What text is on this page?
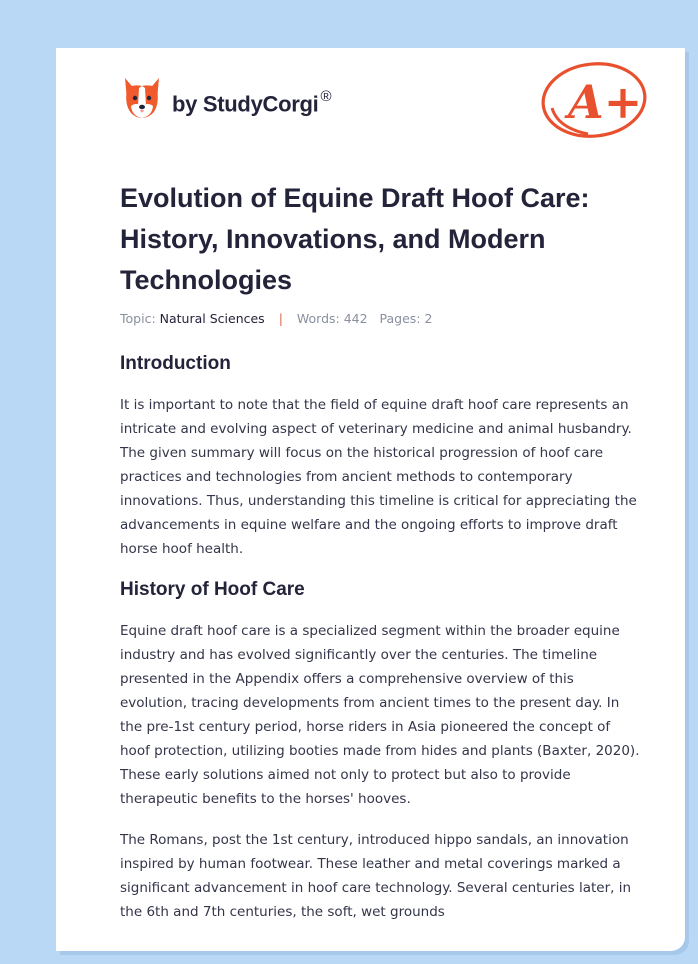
by StudyCorgi ®	A+
Evolution of Equine Draft Hoof Care: History, Innovations, and Modern Technologies
Topic: Natural Sciences | Words: 442 Pages: 2
Introduction

It is important to note that the field of equine draft hoof care represents an intricate and evolving aspect of veterinary medicine and animal husbandry. The given summary will focus on the historical progression of hoof care practices and technologies from ancient methods to contemporary innovations. Thus, understanding this timeline is critical for appreciating the advancements in equine welfare and the ongoing efforts to improve draft horse hoof health.

History of Hoof Care

Equine draft hoof care is a specialized segment within the broader equine industry and has evolved significantly over the centuries. The timeline presented in the Appendix offers a comprehensive overview of this evolution, tracing developments from ancient times to the present day. In the pre-1st century period, horse riders in Asia pioneered the concept of hoof protection, utilizing booties made from hides and plants (Baxter, 2020). These early solutions aimed not only to protect but also to provide therapeutic benefits to the horses' hooves.

The Romans, post the 1st century, introduced hippo sandals, an innovation inspired by human footwear. These leather and metal coverings marked a significant advancement in hoof care technology. Several centuries later, in the 6th and 7th centuries, the soft, wet grounds
